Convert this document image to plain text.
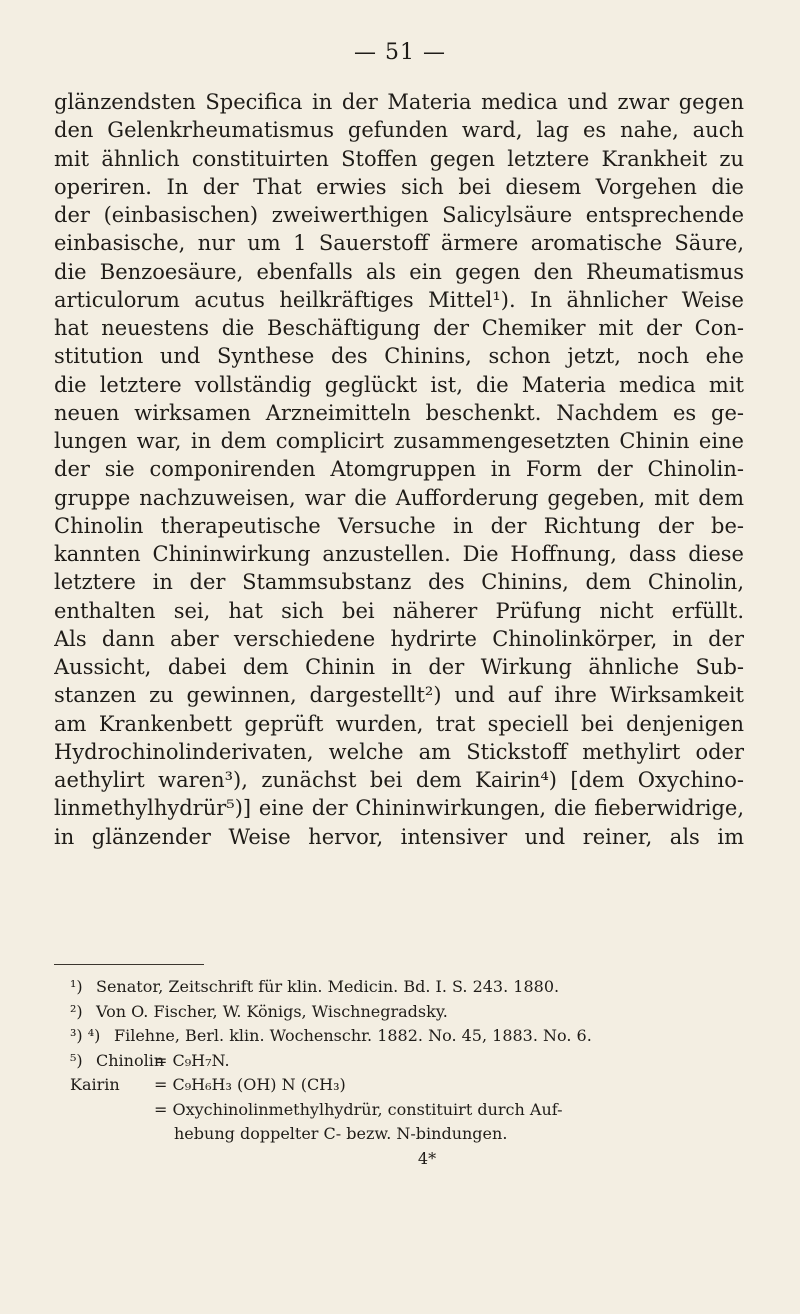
— 51 —
glänzendsten Specifica in der Materia medica und zwar gegen
den Gelenkrheumatismus gefunden ward, lag es nahe, auch
mit ähnlich constituirten Stoffen gegen letztere Krankheit zu
operiren. In der That erwies sich bei diesem Vorgehen die
der (einbasischen) zweiwerthigen Salicylsäure entsprechende
einbasische, nur um 1 Sauerstoff ärmere aromatische Säure,
die Benzoesäure, ebenfalls als ein gegen den Rheumatismus
articulorum acutus heilkräftiges Mittel¹). In ähnlicher Weise
hat neuestens die Beschäftigung der Chemiker mit der Con-
stitution und Synthese des Chinins, schon jetzt, noch ehe
die letztere vollständig geglückt ist, die Materia medica mit
neuen wirksamen Arzneimitteln beschenkt. Nachdem es ge-
lungen war, in dem complicirt zusammengesetzten Chinin eine
der sie componirenden Atomgruppen in Form der Chinolin-
gruppe nachzuweisen, war die Aufforderung gegeben, mit dem
Chinolin therapeutische Versuche in der Richtung der be-
kannten Chininwirkung anzustellen. Die Hoffnung, dass diese
letztere in der Stammsubstanz des Chinins, dem Chinolin,
enthalten sei, hat sich bei näherer Prüfung nicht erfüllt.
Als dann aber verschiedene hydrirte Chinolinkörper, in der
Aussicht, dabei dem Chinin in der Wirkung ähnliche Sub-
stanzen zu gewinnen, dargestellt²) und auf ihre Wirksamkeit
am Krankenbett geprüft wurden, trat speciell bei denjenigen
Hydrochinolinderivaten, welche am Stickstoff methylirt oder
aethylirt waren³), zunächst bei dem Kairin⁴) [dem Oxychino-
linmethylhydrür⁵)] eine der Chininwirkungen, die fieberwidrige,
in glänzender Weise hervor, intensiver und reiner, als im
¹) Senator, Zeitschrift für klin. Medicin. Bd. I. S. 243. 1880.
²) Von O. Fischer, W. Königs, Wischnegradsky.
³) ⁴) Filehne, Berl. klin. Wochenschr. 1882. No. 45, 1883. No. 6.
⁵) Chinolin= C₉H₇N.
Kairin = C₉H₆H₃ (OH) N (CH₃)
= Oxychinolinmethylhydrür, constituirt durch Auf-
hebung doppelter C- bezw. N-bindungen.
4*
